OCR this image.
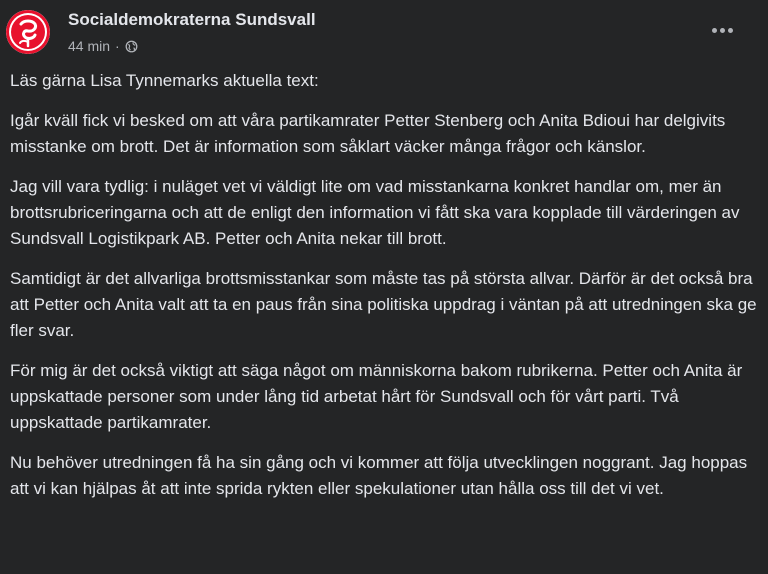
Socialdemokraterna Sundsvall
44 min ·

Läs gärna Lisa Tynnemarks aktuella text:

Igår kväll fick vi besked om att våra partikamrater Petter Stenberg och Anita Bdioui har delgivits misstanke om brott. Det är information som såklart väcker många frågor och känslor.

Jag vill vara tydlig: i nuläget vet vi väldigt lite om vad misstankarna konkret handlar om, mer än brottsrubriceringarna och att de enligt den information vi fått ska vara kopplade till värderingen av Sundsvall Logistikpark AB. Petter och Anita nekar till brott.

Samtidigt är det allvarliga brottsmisstankar som måste tas på största allvar. Därför är det också bra att Petter och Anita valt att ta en paus från sina politiska uppdrag i väntan på att utredningen ska ge fler svar.

För mig är det också viktigt att säga något om människorna bakom rubrikerna. Petter och Anita är uppskattade personer som under lång tid arbetat hårt för Sundsvall och för vårt parti. Två uppskattade partikamrater.

Nu behöver utredningen få ha sin gång och vi kommer att följa utvecklingen noggrant. Jag hoppas att vi kan hjälpas åt att inte sprida rykten eller spekulationer utan hålla oss till det vi vet.
